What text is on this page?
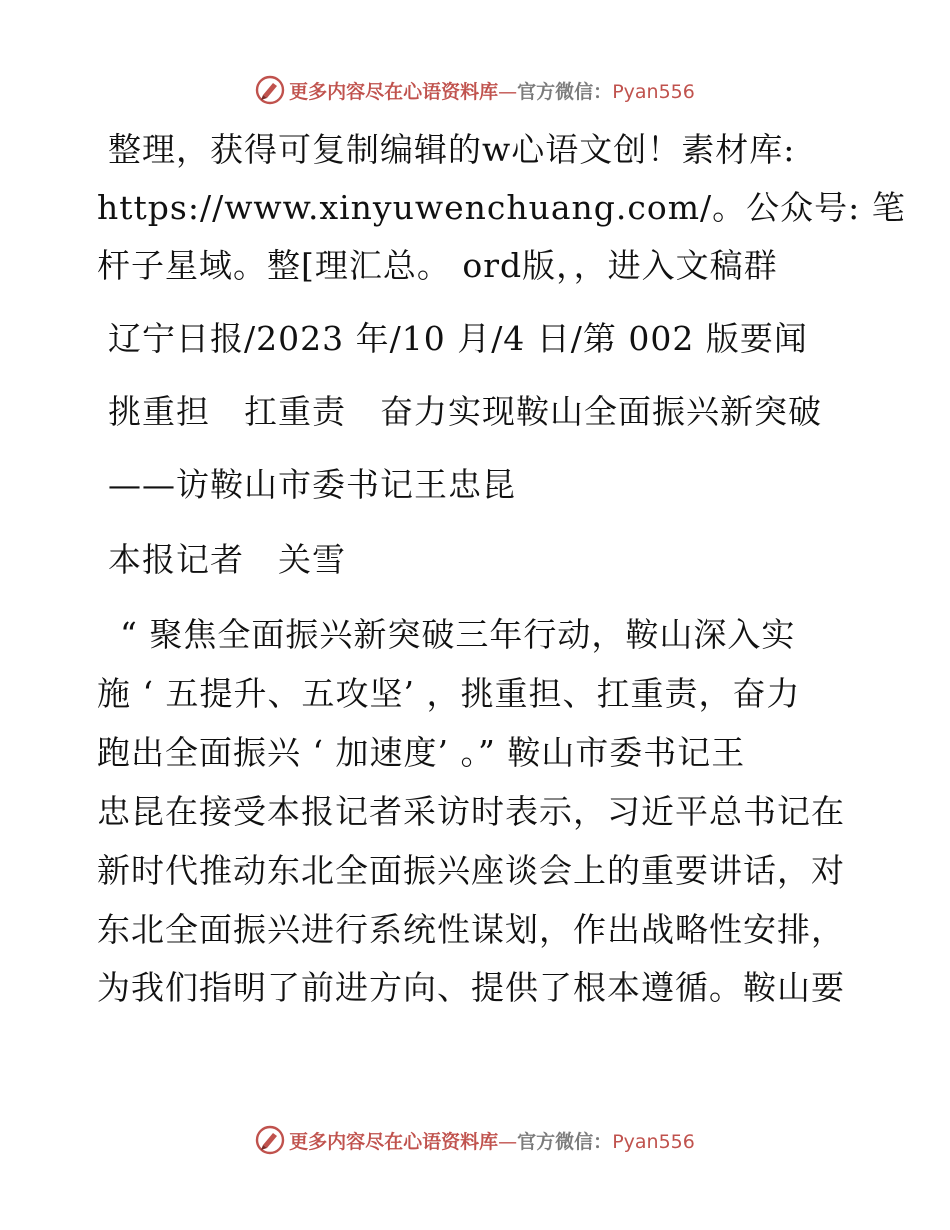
更多内容尽在心语资料库—官方微信：Pyan556
整理，获得可复制编辑的w心语文创！素材库:
https://www.xinyuwenchuang.com/。公众号: 笔
杆子星域。整[理汇总。 ord版，，进入文稿群
辽宁日报/2023 年/10 月/4 日/第 002 版要闻
挑重担　扛重责　奋力实现鞍山全面振兴新突破
——访鞍山市委书记王忠昆
本报记者　关雪
“ 聚焦全面振兴新突破三年行动，鞍山深入实
施 ‘ 五提升、五攻坚’ ，挑重担、扛重责，奋力
跑出全面振兴 ‘ 加速度’ 。” 鞍山市委书记王
忠昆在接受本报记者采访时表示，习近平总书记在
新时代推动东北全面振兴座谈会上的重要讲话，对
东北全面振兴进行系统性谋划，作出战略性安排，
为我们指明了前进方向、提供了根本遵循。鞍山要
更多内容尽在心语资料库—官方微信：Pyan556
